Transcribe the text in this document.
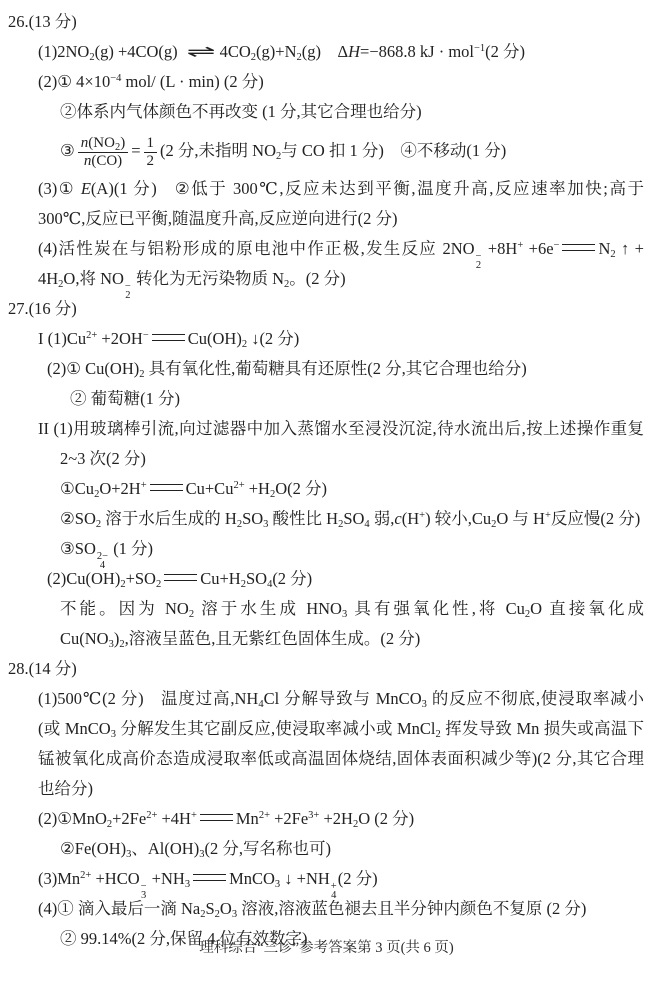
26.(13 分)
$(1)2NO_2(g) +4CO(g)$ ⇌ $4CO_2(g)+N_2(g)$ ΔH=−868.8 kJ · mol$^{-1}$(2 分)
(2)① $4\times 10^{-4}$ mol/ (L · min) (2 分)
②体系内气体颜色不再改变 (1 分,其它合理也给分)
③ $\frac{n(NO_2)}{n(CO)} = \frac{1}{2} (2$ 分,未指明 $NO_2$与 CO 扣 1 分) ④不移动(1 分)
(3)① E(A)(1 分) ②低于 300℃,反应未达到平衡,温度升高,反应速率加快;高于
300℃,反应已平衡,随温度升高,反应逆向进行(2 分)
(4)活性炭在与铝粉形成的原电池中作正极,发生反应 2NO −
2
+8H+ +6e− $N_2$ ↑ +
$4H_2O$,将 NO −
2
转化为无污染物质 $N_2$。(2 分)
27.(16 分)
I $(1)Cu^{2+} +2OH^-$ $Cu(OH)_2$ ↓(2 分)
(2)① $Cu(OH)_2$ 具有氧化性,葡萄糖具有还原性(2 分,其它合理也给分)
② 葡萄糖(1 分)
II (1)用玻璃棒引流,向过滤器中加入蒸馏水至浸没沉淀,待水流出后,按上述操作重复
2~3 次(2 分)
$①Cu_2O+2H^+$ $Cu+Cu^{2+} +H_2O(2$ 分)
$②SO_2$ 溶于水后生成的 $H_2SO_3$ 酸性比 $H_2SO_4$ 弱,c(H+) 较小$,Cu_2O$ 与 H+反应慢(2 分)
③SO 2−
4
(1 分)
$(2)Cu(OH)_2+SO_2$ $Cu+H_2SO_4(2$ 分)
不能。因为 $NO_2$ 溶于水生成 $HNO_3$ 具有强氧化性,将 $Cu_2O$ 直接氧化成
$Cu(NO_3)_2$,溶液呈蓝色,且无紫红色固体生成。(2 分)
28.(14 分)
(1)500℃(2 分) 温度过高$,NH_4Cl$ 分解导致与 MnCO$_3$ 的反应不彻底,使浸取率减小
(或 MnCO$_3$ 分解发生其它副反应,使浸取率减小或 MnCl$_2$ 挥发导致 Mn 损失或高温下
锰被氧化成高价态造成浸取率低或高温固体烧结,固体表面积减少等)(2 分,其它合理
也给分)
$(2)①MnO_2+2Fe^{2+} +4H^+$ $Mn^{2+} +2Fe^{3+} +2H_2O$ (2 分)
$②Fe(OH)_3$、$Al(OH)_3(2$ 分,写名称也可)
$(3)Mn^{2+} +HCO$ −
3
$+NH_3$ MnCO$_3$ ↓ +NH +
4
(2 分)
(4)① 滴入最后一滴 $Na_2S_2O_3$ 溶液,溶液蓝色褪去且半分钟内颜色不复原 (2 分)
② 99.14%(2 分,保留 4 位有效数字)
理科综合“三诊”参考答案第 3 页(共 6 页)
